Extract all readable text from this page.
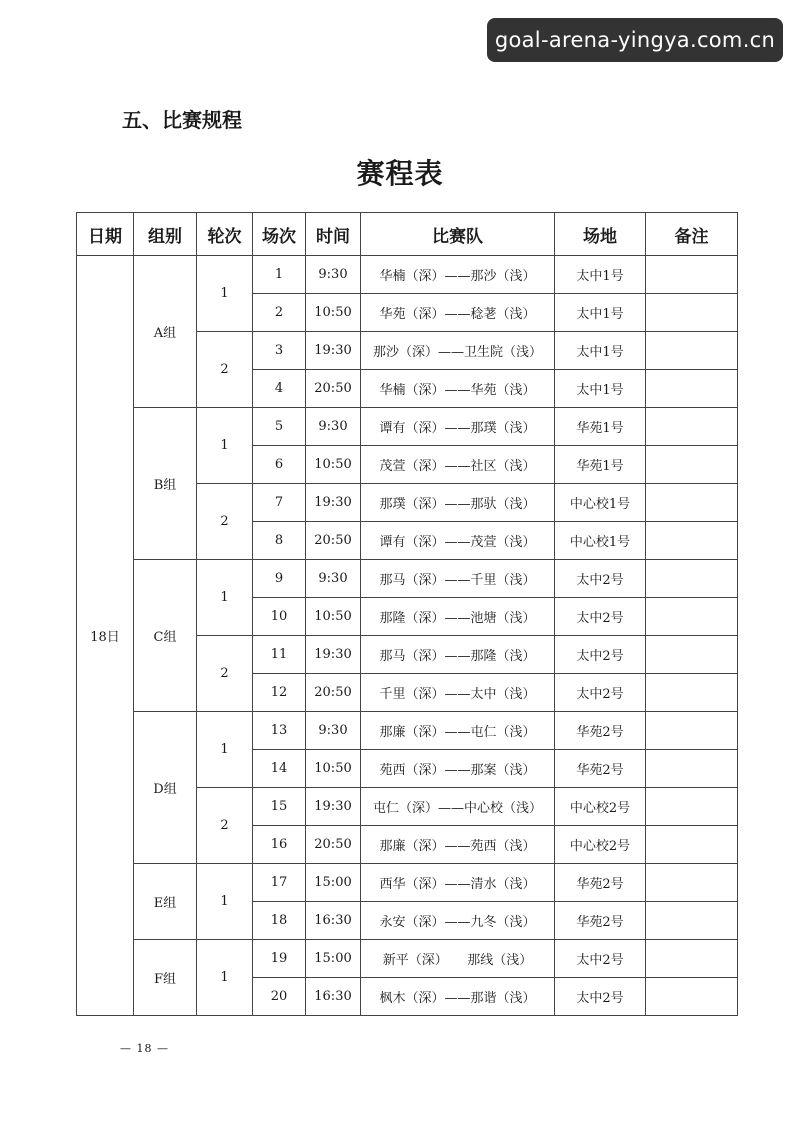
goal-arena-yingya.com.cn
五、比赛规程
赛程表
日期	组别	轮次	场次	时间	比赛队	场地	备注
18日	A组	1	1	9:30	华楠（深）——那沙（浅）	太中1号	
			2	10:50	华苑（深）——稔荖（浅）	太中1号	
		2	3	19:30	那沙（深）——卫生院（浅）	太中1号	
			4	20:50	华楠（深）——华苑（浅）	太中1号	
	B组	1	5	9:30	谭有（深）——那璞（浅）	华苑1号	
			6	10:50	茂萱（深）——社区（浅）	华苑1号	
		2	7	19:30	那璞（深）——那驮（浅）	中心校1号	
			8	20:50	谭有（深）——茂萱（浅）	中心校1号	
	C组	1	9	9:30	那马（深）——千里（浅）	太中2号	
			10	10:50	那隆（深）——池塘（浅）	太中2号	
		2	11	19:30	那马（深）——那隆（浅）	太中2号	
			12	20:50	千里（深）——太中（浅）	太中2号	
	D组	1	13	9:30	那廉（深）——屯仁（浅）	华苑2号	
			14	10:50	苑西（深）——那案（浅）	华苑2号	
		2	15	19:30	屯仁（深）——中心校（浅）	中心校2号	
			16	20:50	那廉（深）——苑西（浅）	中心校2号	
	E组	1	17	15:00	西华（深）——清水（浅）	华苑2号	
			18	16:30	永安（深）——九冬（浅）	华苑2号	
	F组	1	19	15:00	新平（深）　　那线（浅）	太中2号	
			20	16:30	枫木（深）——那谐（浅）	太中2号	
— 18 —
